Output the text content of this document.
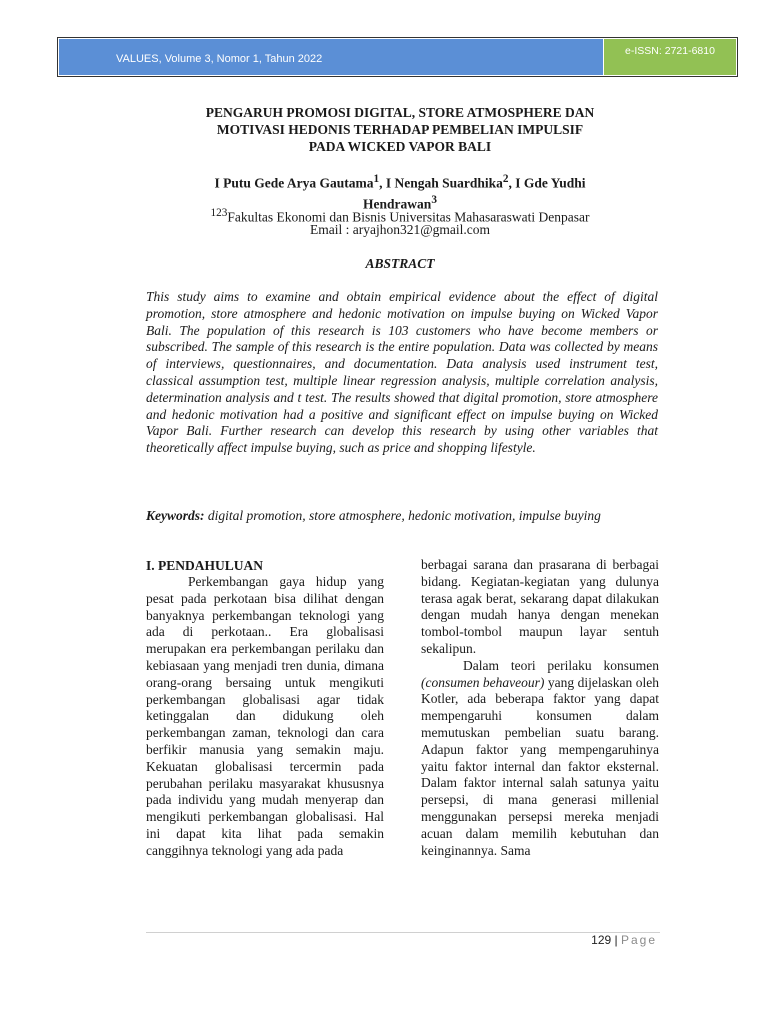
VALUES, Volume 3, Nomor 1, Tahun 2022
e-ISSN: 2721-6810
PENGARUH PROMOSI DIGITAL, STORE ATMOSPHERE DAN
MOTIVASI HEDONIS TERHADAP PEMBELIAN IMPULSIF
PADA WICKED VAPOR BALI
I Putu Gede Arya Gautama$^1$, I Nengah Suardhika$^2$, I Gde Yudhi
Hendrawan$^3$
$^{123}$Fakultas Ekonomi dan Bisnis Universitas Mahasaraswati Denpasar
Email : aryajhon321@gmail.com
ABSTRACT

This study aims to examine and obtain empirical evidence about the effect of digital promotion, store atmosphere and hedonic motivation on impulse buying on Wicked Vapor Bali. The population of this research is 103 customers who have become members or subscribed. The sample of this research is the entire population. Data was collected by means of interviews, questionnaires, and documentation. Data analysis used instrument test, classical assumption test, multiple linear regression analysis, multiple correlation analysis, determination analysis and t test. The results showed that digital promotion, store atmosphere and hedonic motivation had a positive and significant effect on impulse buying on Wicked Vapor Bali. Further research can develop this research by using other variables that theoretically affect impulse buying, such as price and shopping lifestyle.

Keywords: digital promotion, store atmosphere, hedonic motivation, impulse buying

I. PENDAHULUAN

Perkembangan gaya hidup yang pesat pada perkotaan bisa dilihat dengan banyaknya perkembangan teknologi yang ada di perkotaan.. Era globalisasi merupakan era perkembangan perilaku dan kebiasaan yang menjadi tren dunia, dimana orang-orang bersaing untuk mengikuti perkembangan globalisasi agar tidak ketinggalan dan didukung oleh perkembangan zaman, teknologi dan cara berfikir manusia yang semakin maju. Kekuatan globalisasi tercermin pada perubahan perilaku masyarakat khususnya pada individu yang mudah menyerap dan mengikuti perkembangan globalisasi. Hal ini dapat kita lihat pada semakin canggihnya teknologi yang ada pada

berbagai sarana dan prasarana di berbagai bidang. Kegiatan-kegiatan yang dulunya terasa agak berat, sekarang dapat dilakukan dengan mudah hanya dengan menekan tombol-tombol maupun layar sentuh sekalipun.

Dalam teori perilaku konsumen (consumen behaveour) yang dijelaskan oleh Kotler, ada beberapa faktor yang dapat mempengaruhi konsumen dalam memutuskan pembelian suatu barang. Adapun faktor yang mempengaruhinya yaitu faktor internal dan faktor eksternal. Dalam faktor internal salah satunya yaitu persepsi, di mana generasi millenial menggunakan persepsi mereka menjadi acuan dalam memilih kebutuhan dan keinginannya. Sama

129 | Page
